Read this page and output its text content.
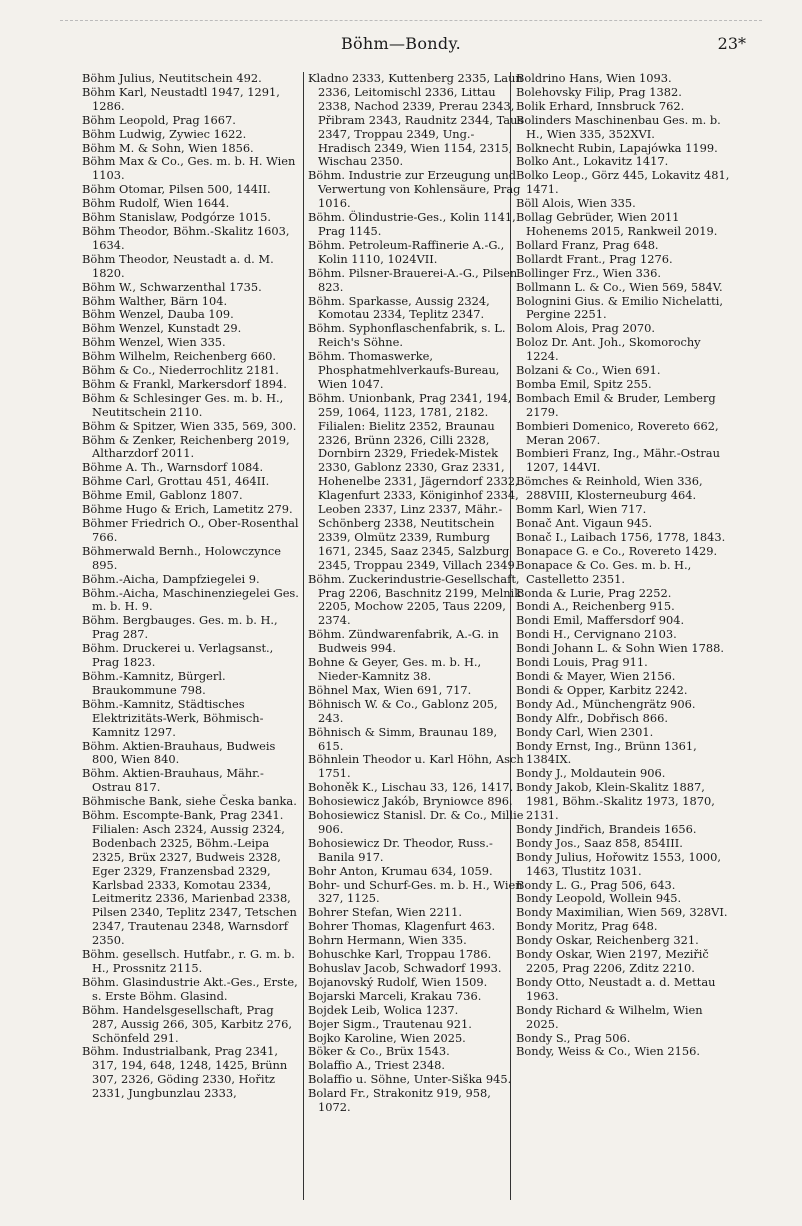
Böhm—Bondy.	23*

Böhm Julius, Neutitschein 492.

Böhm Karl, Neustadtl 1947, 1291, 1286.

Böhm Leopold, Prag 1667.

Böhm Ludwig, Zywiec 1622.

Böhm M. & Sohn, Wien 1856.

Böhm Max & Co., Ges. m. b. H. Wien 1103.

Böhm Otomar, Pilsen 500, 144II.

Böhm Rudolf, Wien 1644.

Böhm Stanislaw, Podgórze 1015.

Böhm Theodor, Böhm.-Skalitz 1603, 1634.

Böhm Theodor, Neustadt a. d. M. 1820.

Böhm W., Schwarzenthal 1735.

Böhm Walther, Bärn 104.

Böhm Wenzel, Dauba 109.

Böhm Wenzel, Kunstadt 29.

Böhm Wenzel, Wien 335.

Böhm Wilhelm, Reichenberg 660.

Böhm & Co., Niederrochlitz 2181.

Böhm & Frankl, Markersdorf 1894.

Böhm & Schlesinger Ges. m. b. H., Neutitschein 2110.

Böhm & Spitzer, Wien 335, 569, 300.

Böhm & Zenker, Reichenberg 2019, Altharzdorf 2011.

Böhme A. Th., Warnsdorf 1084.

Böhme Carl, Grottau 451, 464II.

Böhme Emil, Gablonz 1807.

Böhme Hugo & Erich, Lametitz 279.

Böhmer Friedrich O., Ober-Rosenthal 766.

Böhmerwald Bernh., Holowczynce 895.

Böhm.-Aicha, Dampfziegelei 9.

Böhm.-Aicha, Maschinenziegelei Ges. m. b. H. 9.

Böhm. Bergbauges. Ges. m. b. H., Prag 287.

Böhm. Druckerei u. Verlagsanst., Prag 1823.

Böhm.-Kamnitz, Bürgerl. Braukommune 798.

Böhm.-Kamnitz, Städtisches Elektrizitäts-Werk, Böhmisch-Kamnitz 1297.

Böhm. Aktien-Brauhaus, Budweis 800, Wien 840.

Böhm. Aktien-Brauhaus, Mähr.-Ostrau 817.

Böhmische Bank, siehe Česka banka.

Böhm. Escompte-Bank, Prag 2341. Filialen: Asch 2324, Aussig 2324, Bodenbach 2325, Böhm.-Leipa 2325, Brüx 2327, Budweis 2328, Eger 2329, Franzensbad 2329, Karlsbad 2333, Komotau 2334, Leitmeritz 2336, Marienbad 2338, Pilsen 2340, Teplitz 2347, Tetschen 2347, Trautenau 2348, Warnsdorf 2350.

Böhm. gesellsch. Hutfabr., r. G. m. b. H., Prossnitz 2115.

Böhm. Glasindustrie Akt.-Ges., Erste, s. Erste Böhm. Glasind.

Böhm. Handelsgesellschaft, Prag 287, Aussig 266, 305, Karbitz 276, Schönfeld 291.

Böhm. Industrialbank, Prag 2341, 317, 194, 648, 1248, 1425, Brünn 307, 2326, Göding 2330, Hořitz 2331, Jungbunzlau 2333,

Kladno 2333, Kuttenberg 2335, Laun 2336, Leitomischl 2336, Littau 2338, Nachod 2339, Prerau 2343, Přibram 2343, Raudnitz 2344, Taus 2347, Troppau 2349, Ung.-Hradisch 2349, Wien 1154, 2315, Wischau 2350.

Böhm. Industrie zur Erzeugung und Verwertung von Kohlensäure, Prag 1016.

Böhm. Ölindustrie-Ges., Kolin 1141, Prag 1145.

Böhm. Petroleum-Raffinerie A.-G., Kolin 1110, 1024VII.

Böhm. Pilsner-Brauerei-A.-G., Pilsen 823.

Böhm. Sparkasse, Aussig 2324, Komotau 2334, Teplitz 2347.

Böhm. Syphonflaschenfabrik, s. L. Reich's Söhne.

Böhm. Thomaswerke, Phosphatmehlverkaufs-Bureau, Wien 1047.

Böhm. Unionbank, Prag 2341, 194, 259, 1064, 1123, 1781, 2182. Filialen: Bielitz 2352, Braunau 2326, Brünn 2326, Cilli 2328, Dornbirn 2329, Friedek-Mistek 2330, Gablonz 2330, Graz 2331, Hohenelbe 2331, Jägerndorf 2332, Klagenfurt 2333, Königinhof 2334, Leoben 2337, Linz 2337, Mähr.-Schönberg 2338, Neutitschein 2339, Olmütz 2339, Rumburg 1671, 2345, Saaz 2345, Salzburg 2345, Troppau 2349, Villach 2349.

Böhm. Zuckerindustrie-Gesellschaft, Prag 2206, Baschnitz 2199, Melnik 2205, Mochow 2205, Taus 2209, 2374.

Böhm. Zündwarenfabrik, A.-G. in Budweis 994.

Bohne & Geyer, Ges. m. b. H., Nieder-Kamnitz 38.

Böhnel Max, Wien 691, 717.

Böhnisch W. & Co., Gablonz 205, 243.

Böhnisch & Simm, Braunau 189, 615.

Böhnlein Theodor u. Karl Höhn, Asch 1751.

Bohoněk K., Lischau 33, 126, 1417.

Bohosiewicz Jakób, Bryniowce 896.

Bohosiewicz Stanisl. Dr. & Co., Millie 906.

Bohosiewicz Dr. Theodor, Russ.-Banila 917.

Bohr Anton, Krumau 634, 1059.

Bohr- und Schurf-Ges. m. b. H., Wien 327, 1125.

Bohrer Stefan, Wien 2211.

Bohrer Thomas, Klagenfurt 463.

Bohrn Hermann, Wien 335.

Bohuschke Karl, Troppau 1786.

Bohuslav Jacob, Schwadorf 1993.

Bojanovský Rudolf, Wien 1509.

Bojarski Marceli, Krakau 736.

Bojdek Leib, Wolica 1237.

Bojer Sigm., Trautenau 921.

Bojko Karoline, Wien 2025.

Böker & Co., Brüx 1543.

Bolaffio A., Triest 2348.

Bolaffio u. Söhne, Unter-Siška 945.

Bolard Fr., Strakonitz 919, 958, 1072.

Boldrino Hans, Wien 1093.

Bolehovsky Filip, Prag 1382.

Bolik Erhard, Innsbruck 762.

Bolinders Maschinenbau Ges. m. b. H., Wien 335, 352XVI.

Bolknecht Rubin, Lapajówka 1199.

Bolko Ant., Lokavitz 1417.

Bolko Leop., Görz 445, Lokavitz 481, 1471.

Böll Alois, Wien 335.

Bollag Gebrüder, Wien 2011 Hohenems 2015, Rankweil 2019.

Bollard Franz, Prag 648.

Bollardt Frant., Prag 1276.

Bollinger Frz., Wien 336.

Bollmann L. & Co., Wien 569, 584V.

Bolognini Gius. & Emilio Nichelatti, Pergine 2251.

Bolom Alois, Prag 2070.

Boloz Dr. Ant. Joh., Skomorochy 1224.

Bolzani & Co., Wien 691.

Bomba Emil, Spitz 255.

Bombach Emil & Bruder, Lemberg 2179.

Bombieri Domenico, Rovereto 662, Meran 2067.

Bombieri Franz, Ing., Mähr.-Ostrau 1207, 144VI.

Bömches & Reinhold, Wien 336, 288VIII, Klosterneuburg 464.

Bomm Karl, Wien 717.

Bonač Ant. Vigaun 945.

Bonač I., Laibach 1756, 1778, 1843.

Bonapace G. e Co., Rovereto 1429.

Bonapace & Co. Ges. m. b. H., Castelletto 2351.

Bonda & Lurie, Prag 2252.

Bondi A., Reichenberg 915.

Bondi Emil, Maffersdorf 904.

Bondi H., Cervignano 2103.

Bondi Johann L. & Sohn Wien 1788.

Bondi Louis, Prag 911.

Bondi & Mayer, Wien 2156.

Bondi & Opper, Karbitz 2242.

Bondy Ad., Münchengrätz 906.

Bondy Alfr., Dobřisch 866.

Bondy Carl, Wien 2301.

Bondy Ernst, Ing., Brünn 1361, 1384IX.

Bondy J., Moldautein 906.

Bondy Jakob, Klein-Skalitz 1887, 1981, Böhm.-Skalitz 1973, 1870, 2131.

Bondy Jindřich, Brandeis 1656.

Bondy Jos., Saaz 858, 854III.

Bondy Julius, Hořowitz 1553, 1000, 1463, Tlustitz 1031.

Bondy L. G., Prag 506, 643.

Bondy Leopold, Wollein 945.

Bondy Maximilian, Wien 569, 328VI.

Bondy Moritz, Prag 648.

Bondy Oskar, Reichenberg 321.

Bondy Oskar, Wien 2197, Meziřič 2205, Prag 2206, Zditz 2210.

Bondy Otto, Neustadt a. d. Mettau 1963.

Bondy Richard & Wilhelm, Wien 2025.

Bondy S., Prag 506.

Bondy, Weiss & Co., Wien 2156.
